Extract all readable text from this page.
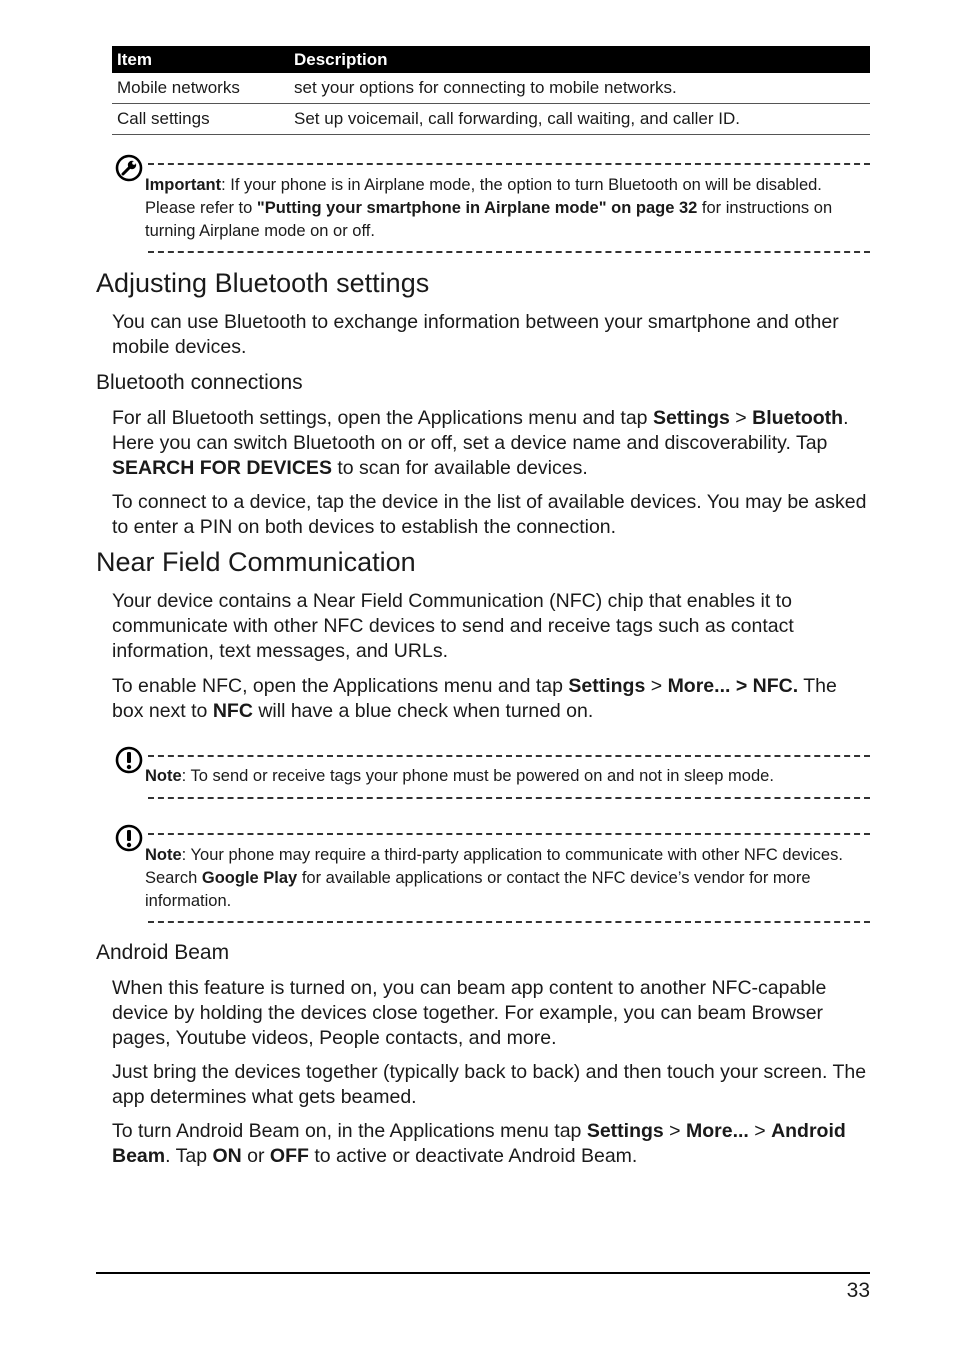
Item	Description
Mobile networks	set your options for connecting to mobile networks.
Call settings	Set up voicemail, call forwarding, call waiting, and caller ID.
Important: If your phone is in Airplane mode, the option to turn Bluetooth on will be disabled. Please refer to "Putting your smartphone in Airplane mode" on page 32 for instructions on turning Airplane mode on or off.
Adjusting Bluetooth settings

You can use Bluetooth to exchange information between your smartphone and other mobile devices.

Bluetooth connections

For all Bluetooth settings, open the Applications menu and tap Settings > Bluetooth. Here you can switch Bluetooth on or off, set a device name and discoverability. Tap SEARCH FOR DEVICES to scan for available devices.

To connect to a device, tap the device in the list of available devices. You may be asked to enter a PIN on both devices to establish the connection.

Near Field Communication

Your device contains a Near Field Communication (NFC) chip that enables it to communicate with other NFC devices to send and receive tags such as contact information, text messages, and URLs.

To enable NFC, open the Applications menu and tap Settings > More... > NFC. The box next to NFC will have a blue check when turned on.

Note: To send or receive tags your phone must be powered on and not in sleep mode.
Note: Your phone may require a third-party application to communicate with other NFC devices. Search Google Play for available applications or contact the NFC device’s vendor for more information.
Android Beam

When this feature is turned on, you can beam app content to another NFC-capable device by holding the devices close together. For example, you can beam Browser pages, Youtube videos, People contacts, and more.

Just bring the devices together (typically back to back) and then touch your screen. The app determines what gets beamed.

To turn Android Beam on, in the Applications menu tap Settings > More... > Android Beam. Tap ON or OFF to active or deactivate Android Beam.

33
